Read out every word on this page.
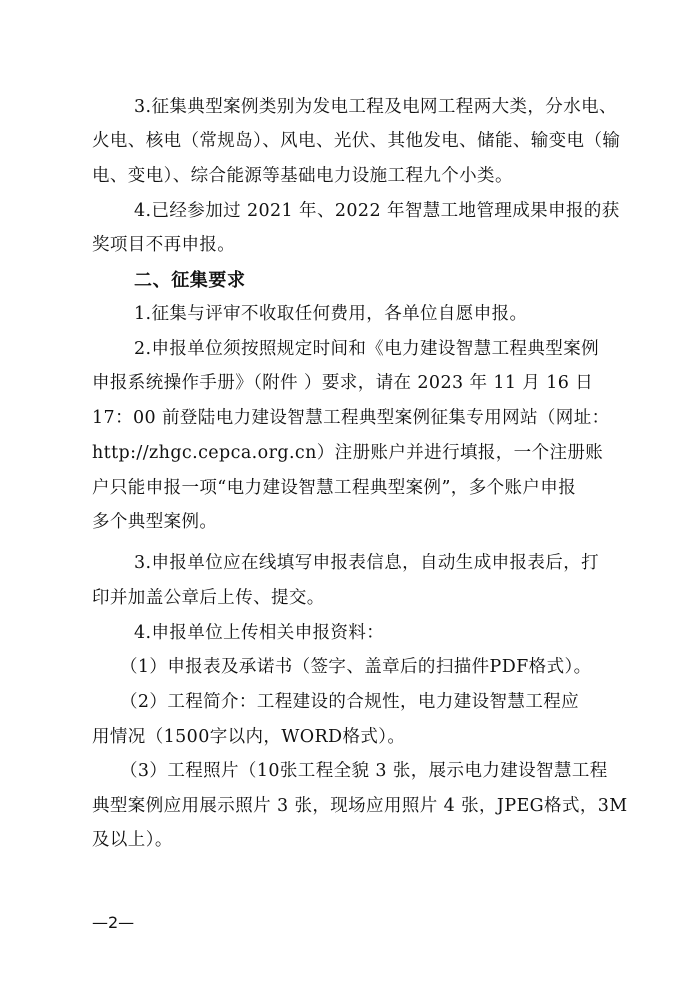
3.征集典型案例类别为发电工程及电网工程两大类，分水电、
火电、核电（常规岛）、风电、光伏、其他发电、储能、输变电（输
电、变电）、综合能源等基础电力设施工程九个小类。
4.已经参加过 2021 年、2022 年智慧工地管理成果申报的获
奖项目不再申报。
二、征集要求
1.征集与评审不收取任何费用，各单位自愿申报。
2.申报单位须按照规定时间和《电力建设智慧工程典型案例
申报系统操作手册》（附件 ）要求，请在 2023 年 11 月 16 日
17：00 前登陆电力建设智慧工程典型案例征集专用网站（网址：
http://zhgc.cepca.org.cn）注册账户并进行填报，一个注册账
户只能申报一项“电力建设智慧工程典型案例”，多个账户申报
多个典型案例。
3.申报单位应在线填写申报表信息，自动生成申报表后，打
印并加盖公章后上传、提交。
4.申报单位上传相关申报资料：
（1）申报表及承诺书（签字、盖章后的扫描件PDF格式）。
（2）工程简介：工程建设的合规性，电力建设智慧工程应
用情况（1500字以内，WORD格式）。
（3）工程照片（10张工程全貌 3 张，展示电力建设智慧工程
典型案例应用展示照片 3 张，现场应用照片 4 张，JPEG格式，3M
及以上）。
—2—
